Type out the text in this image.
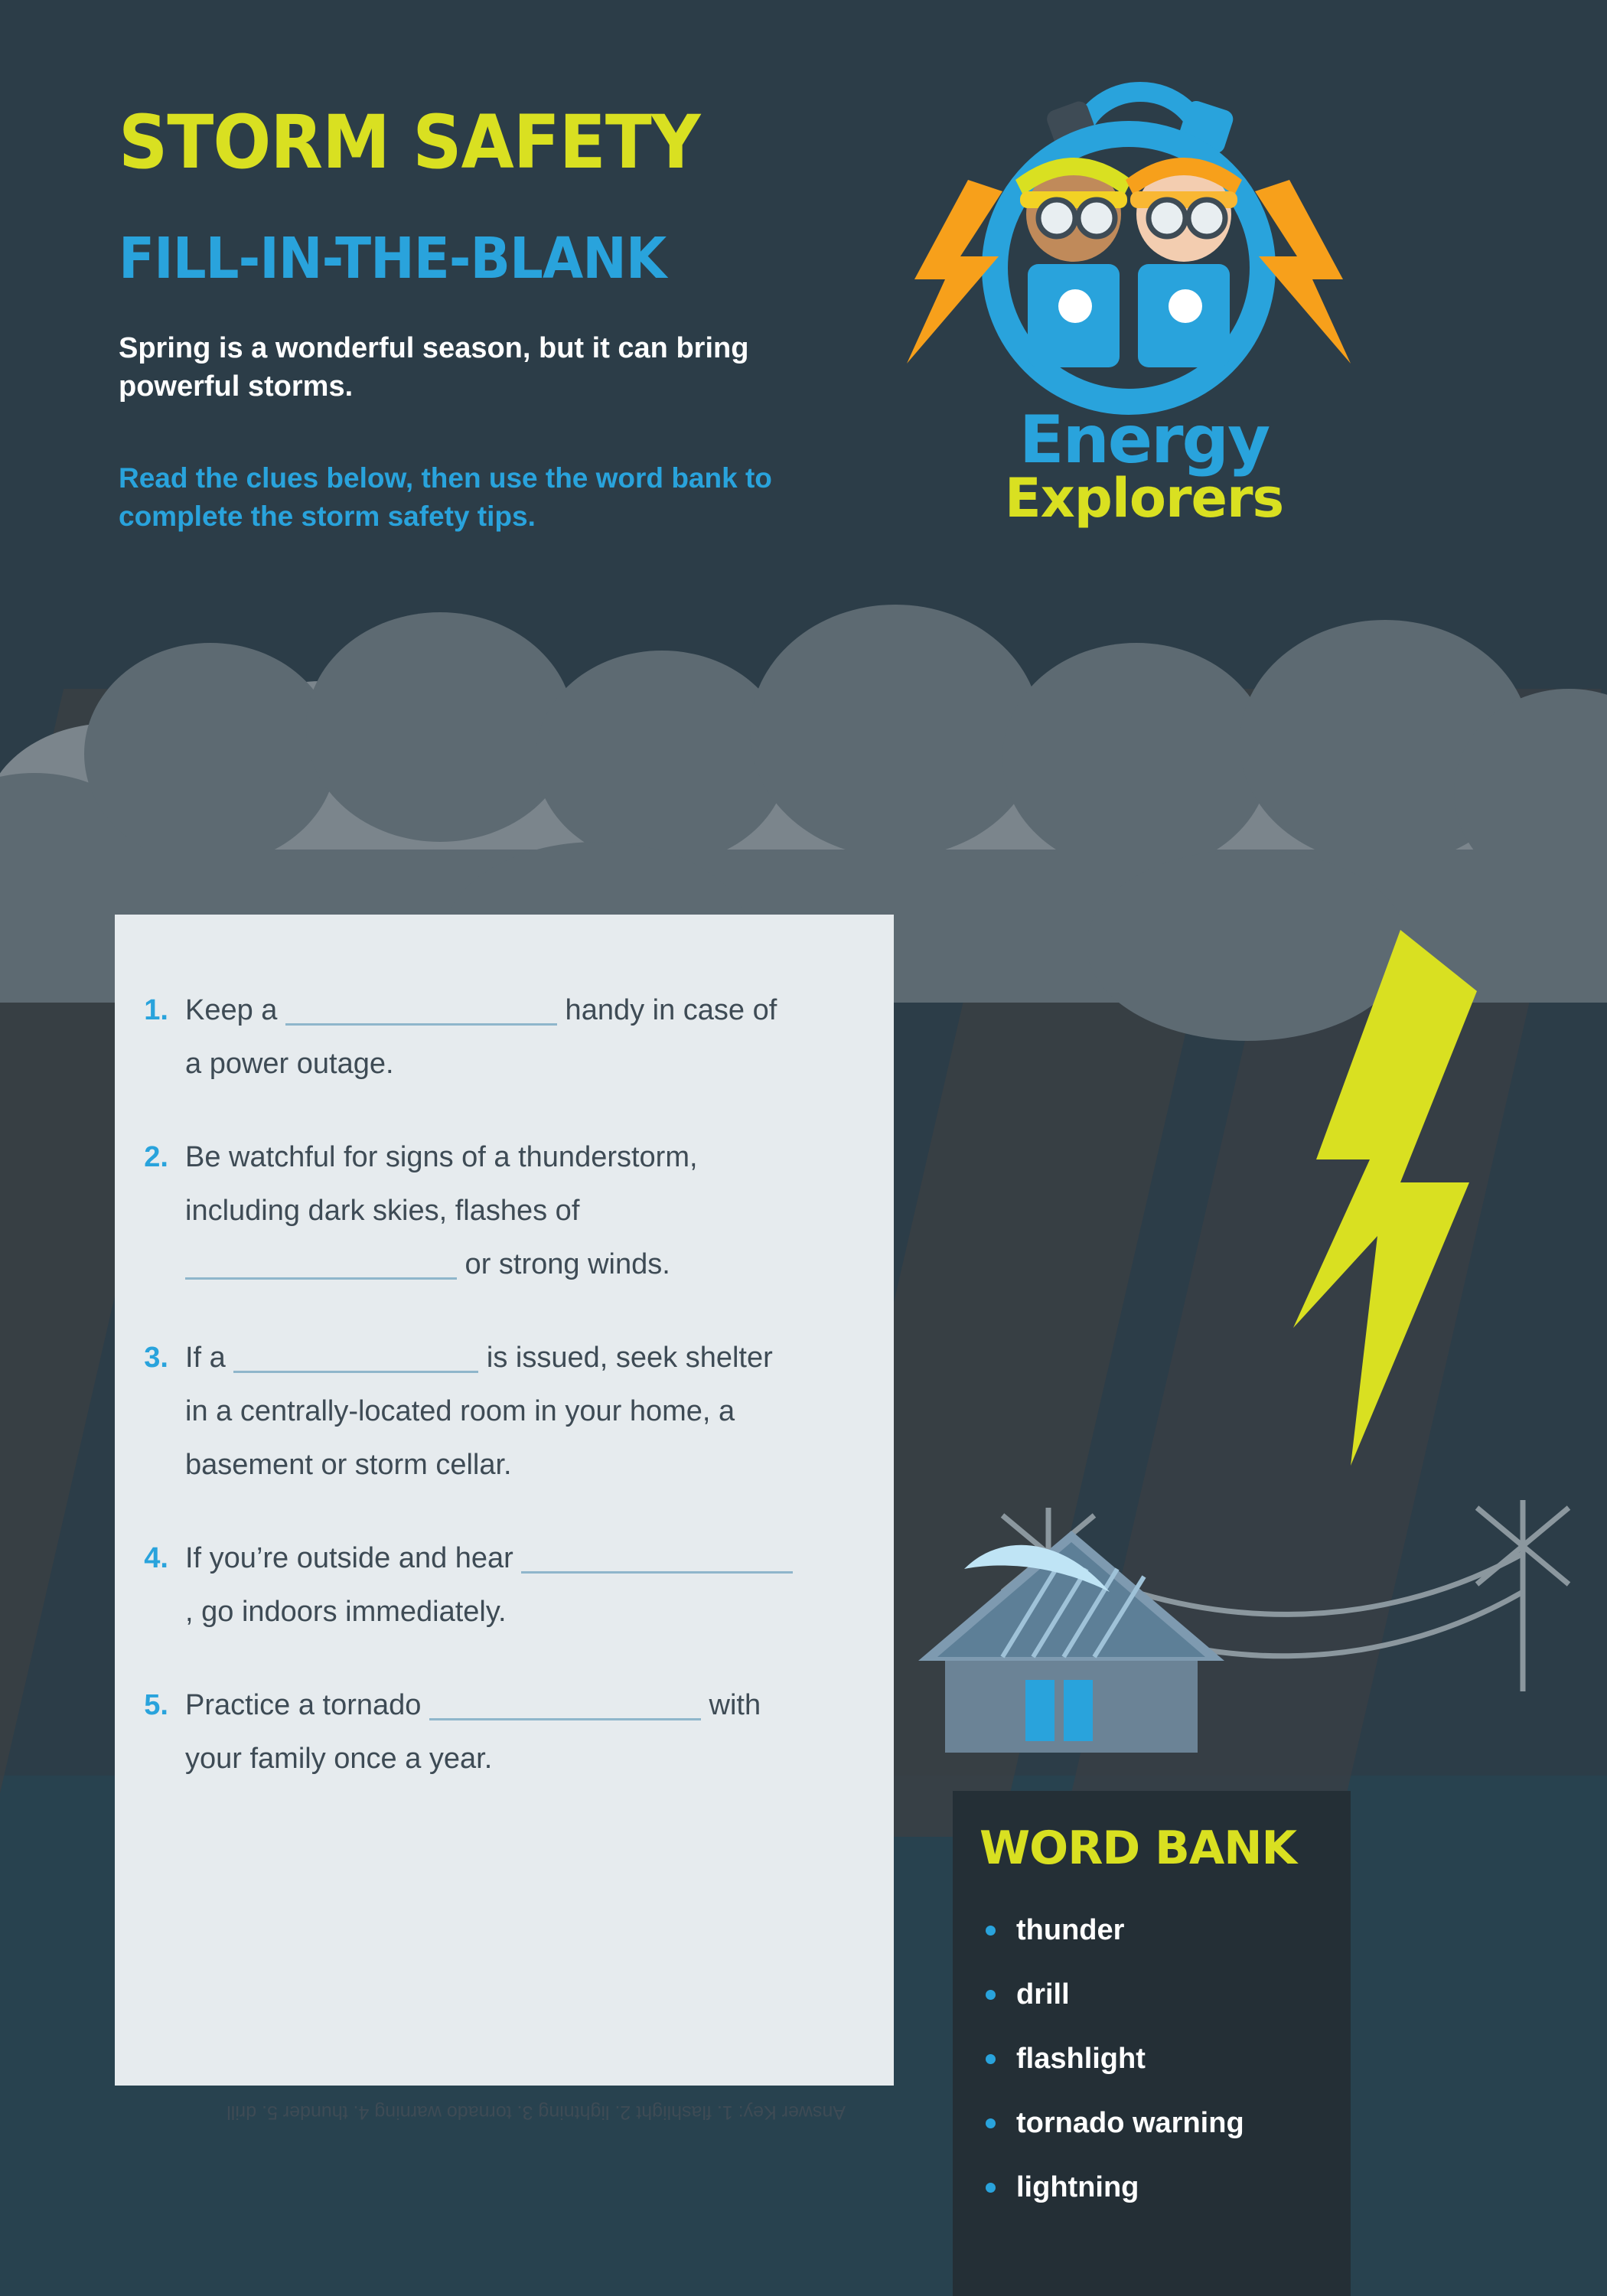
STORM SAFETY
FILL-IN-THE-BLANK
Spring is a wonderful season, but it can bring powerful storms.
Read the clues below, then use the word bank to complete the storm safety tips.
Energy
Explorers
1. Keep a	handy in case of a power outage.
2. Be watchful for signs of a thunderstorm, including dark skies, flashes of  or strong winds.
3. If a	is issued, seek shelter in a centrally-located room in your home, a basement or storm cellar.
4. If you’re outside and hear , go indoors immediately.
5. Practice a tornado	with your family once a year.
Answer Key: 1. flashlight 2. lightning 3. tornado warning 4. thunder 5. drill
WORD BANK
thunder
drill
flashlight
tornado warning
lightning
